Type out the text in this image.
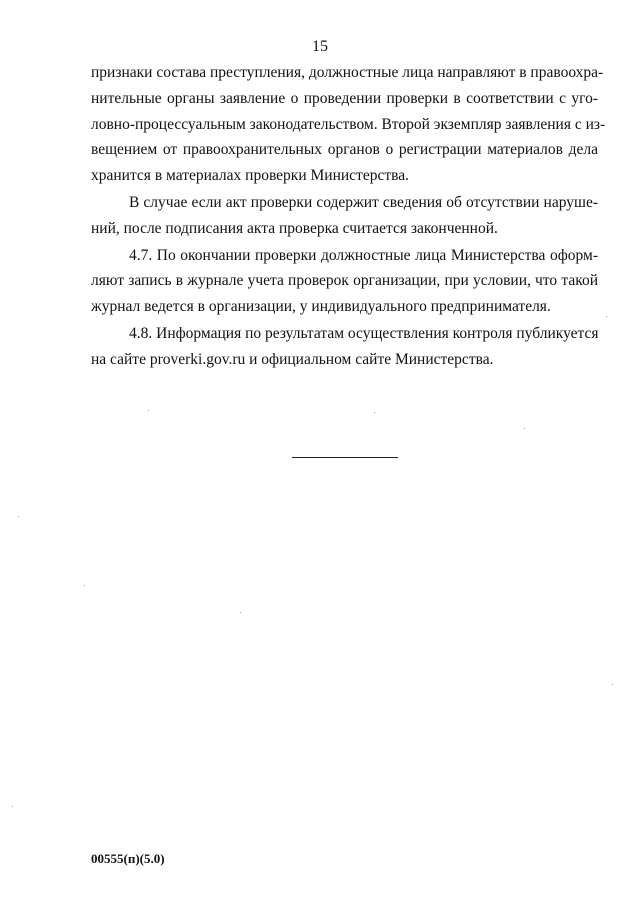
15
признаки состава преступления, должностные лица направляют в правоохра-
нительные органы заявление о проведении проверки в соответствии с уго-
ловно-процессуальным законодательством. Второй экземпляр заявления с из-
вещением от правоохранительных органов о регистрации материалов дела
хранится в материалах проверки Министерства.
В случае если акт проверки содержит сведения об отсутствии наруше-
ний, после подписания акта проверка считается законченной.
4.7. По окончании проверки должностные лица Министерства оформ-
ляют запись в журнале учета проверок организации, при условии, что такой
журнал ведется в организации, у индивидуального предпринимателя.
4.8. Информация по результатам осуществления контроля публикуется
на сайте proverki.gov.ru и официальном сайте Министерства.
00555(п)(5.0)
